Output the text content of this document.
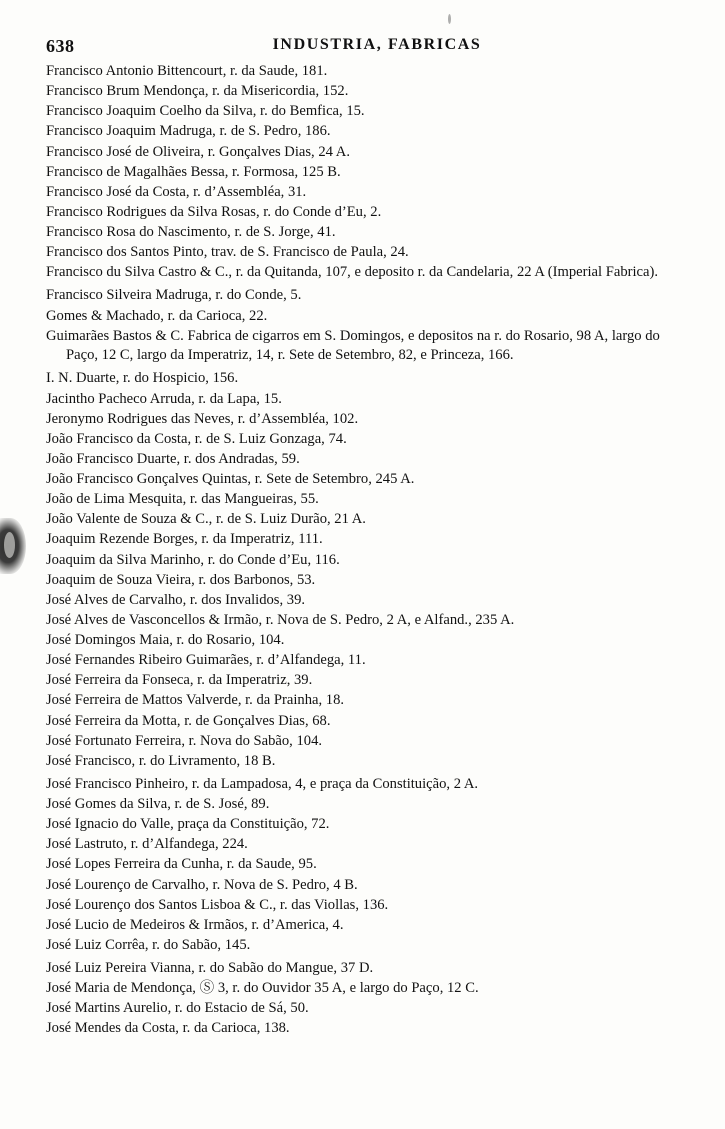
638	INDUSTRIA, FABRICAS

Francisco Antonio Bittencourt, r. da Saude, 181.

Francisco Brum Mendonça, r. da Misericordia, 152.

Francisco Joaquim Coelho da Silva, r. do Bemfica, 15.

Francisco Joaquim Madruga, r. de S. Pedro, 186.

Francisco José de Oliveira, r. Gonçalves Dias, 24 A.

Francisco de Magalhães Bessa, r. Formosa, 125 B.

Francisco José da Costa, r. d’Assembléa, 31.

Francisco Rodrigues da Silva Rosas, r. do Conde d’Eu, 2.

Francisco Rosa do Nascimento, r. de S. Jorge, 41.

Francisco dos Santos Pinto, trav. de S. Francisco de Paula, 24.

Francisco du Silva Castro & C., r. da Quitanda, 107, e deposito r. da Candelaria, 22 A (Imperial Fabrica).

Francisco Silveira Madruga, r. do Conde, 5.

Gomes & Machado, r. da Carioca, 22.

Guimarães Bastos & C. Fabrica de cigarros em S. Domingos, e depositos na r. do Rosario, 98 A, largo do Paço, 12 C, largo da Imperatriz, 14, r. Sete de Setembro, 82, e Princeza, 166.

I. N. Duarte, r. do Hospicio, 156.

Jacintho Pacheco Arruda, r. da Lapa, 15.

Jeronymo Rodrigues das Neves, r. d’Assembléa, 102.

João Francisco da Costa, r. de S. Luiz Gonzaga, 74.

João Francisco Duarte, r. dos Andradas, 59.

João Francisco Gonçalves Quintas, r. Sete de Setembro, 245 A.

João de Lima Mesquita, r. das Mangueiras, 55.

João Valente de Souza & C., r. de S. Luiz Durão, 21 A.

Joaquim Rezende Borges, r. da Imperatriz, 111.

Joaquim da Silva Marinho, r. do Conde d’Eu, 116.

Joaquim de Souza Vieira, r. dos Barbonos, 53.

José Alves de Carvalho, r. dos Invalidos, 39.

José Alves de Vasconcellos & Irmão, r. Nova de S. Pedro, 2 A, e Alfand., 235 A.

José Domingos Maia, r. do Rosario, 104.

José Fernandes Ribeiro Guimarães, r. d’Alfandega, 11.

José Ferreira da Fonseca, r. da Imperatriz, 39.

José Ferreira de Mattos Valverde, r. da Prainha, 18.

José Ferreira da Motta, r. de Gonçalves Dias, 68.

José Fortunato Ferreira, r. Nova do Sabão, 104.

José Francisco, r. do Livramento, 18 B.

José Francisco Pinheiro, r. da Lampadosa, 4, e praça da Constituição, 2 A.

José Gomes da Silva, r. de S. José, 89.

José Ignacio do Valle, praça da Constituição, 72.

José Lastruto, r. d’Alfandega, 224.

José Lopes Ferreira da Cunha, r. da Saude, 95.

José Lourenço de Carvalho, r. Nova de S. Pedro, 4 B.

José Lourenço dos Santos Lisboa & C., r. das Viollas, 136.

José Lucio de Medeiros & Irmãos, r. d’America, 4.

José Luiz Corrêa, r. do Sabão, 145.

José Luiz Pereira Vianna, r. do Sabão do Mangue, 37 D.

José Maria de Mendonça, Ⓢ 3, r. do Ouvidor 35 A, e largo do Paço, 12 C.

José Martins Aurelio, r. do Estacio de Sá, 50.

José Mendes da Costa, r. da Carioca, 138.
